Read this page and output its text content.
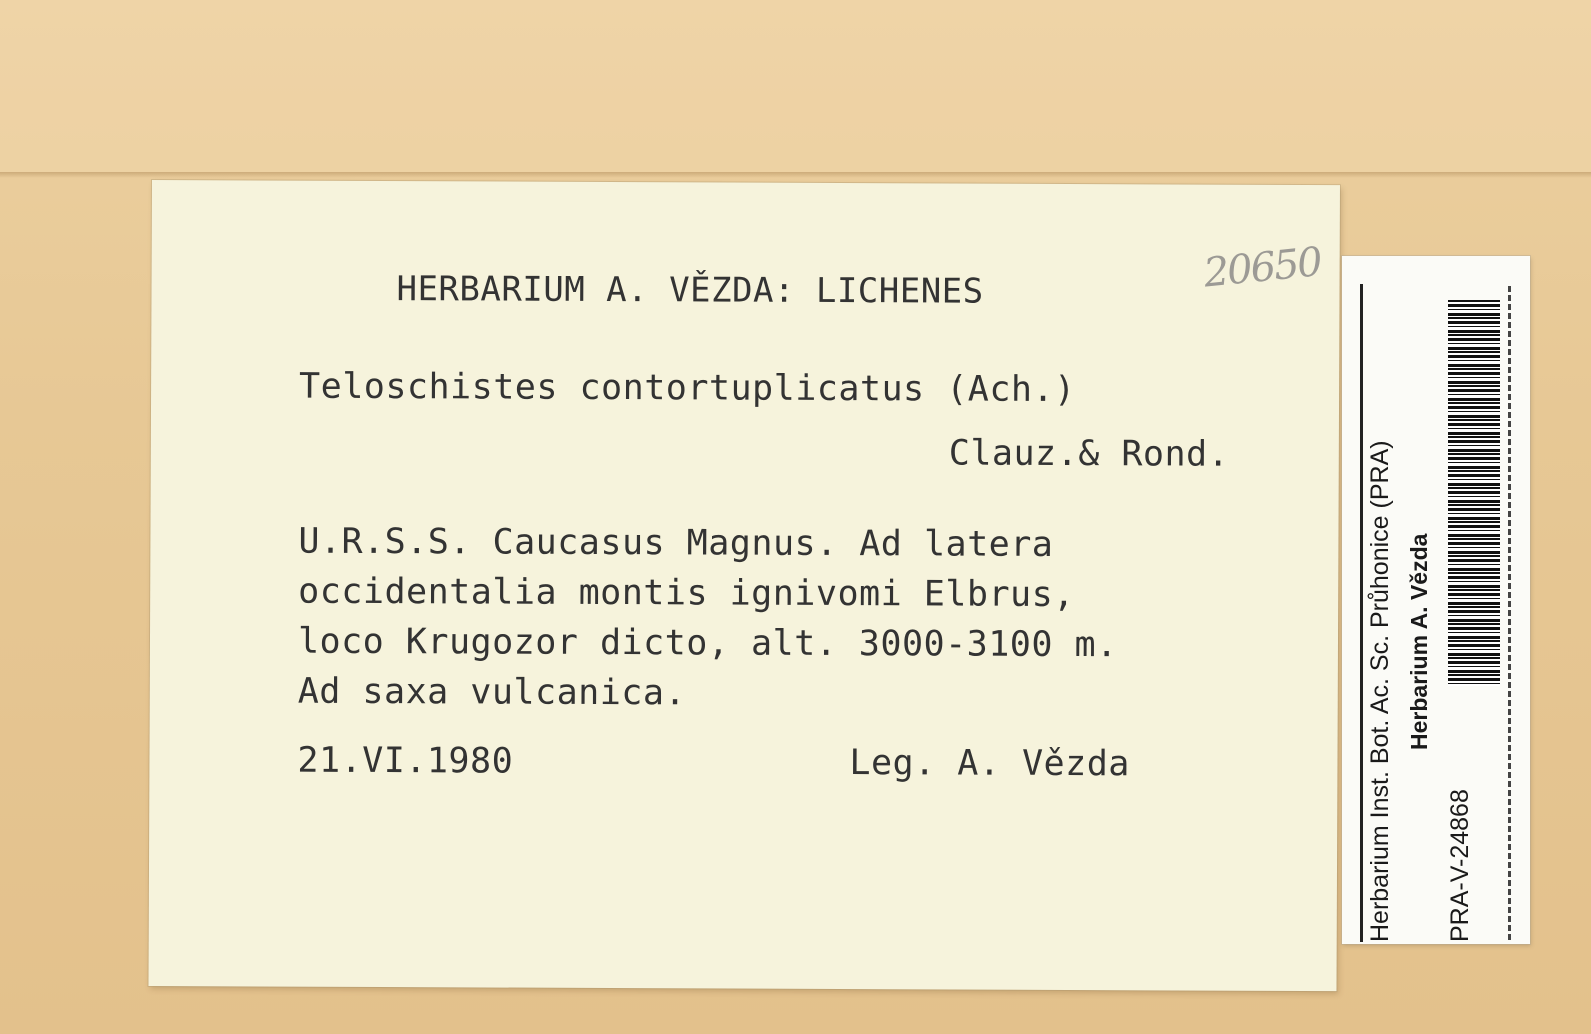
HERBARIUM A. VĚZDA: LICHENES	20650

Teloschistes contortuplicatus (Ach.)

Clauz.& Rond.

U.R.S.S. Caucasus Magnus. Ad latera
occidentalia montis ignivomi Elbrus,
loco Krugozor dicto, alt. 3000-3100 m.
Ad saxa vulcanica.

21.VI.1980	Leg. A. Vězda	Herbarium Inst. Bot. Ac. Sc. Průhonice (PRA) Herbarium A. Vězda

PRA-V-24868
